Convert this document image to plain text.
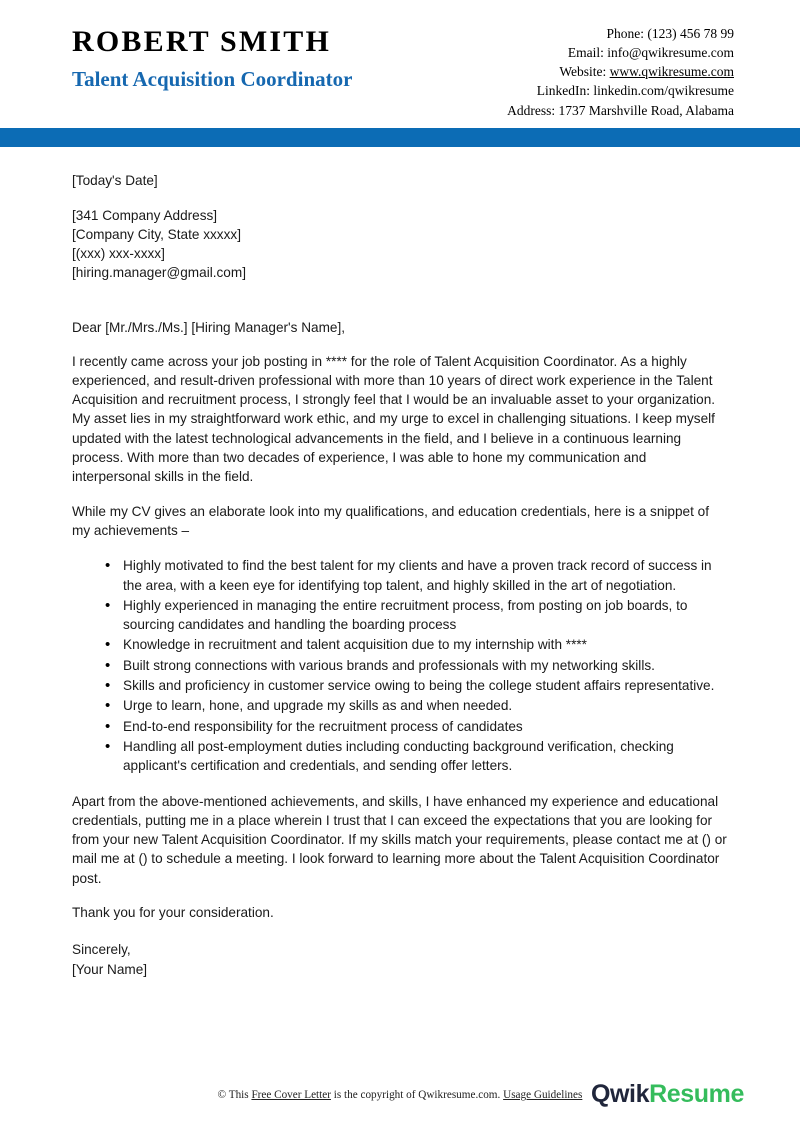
ROBERT SMITH
Talent Acquisition Coordinator
Phone: (123) 456 78 99
Email: info@qwikresume.com
Website: www.qwikresume.com
LinkedIn: linkedin.com/qwikresume
Address: 1737 Marshville Road, Alabama
[Today's Date]
[341 Company Address]
[Company City, State xxxxx]
[(xxx) xxx-xxxx]
[hiring.manager@gmail.com]
Dear [Mr./Mrs./Ms.] [Hiring Manager's Name],
I recently came across your job posting in **** for the role of Talent Acquisition Coordinator. As a highly experienced, and result-driven professional with more than 10 years of direct work experience in the Talent Acquisition and recruitment process, I strongly feel that I would be an invaluable asset to your organization. My asset lies in my straightforward work ethic, and my urge to excel in challenging situations. I keep myself updated with the latest technological advancements in the field, and I believe in a continuous learning process. With more than two decades of experience, I was able to hone my communication and interpersonal skills in the field.
While my CV gives an elaborate look into my qualifications, and education credentials, here is a snippet of my achievements –
• Highly motivated to find the best talent for my clients and have a proven track record of success in the area, with a keen eye for identifying top talent, and highly skilled in the art of negotiation.
• Highly experienced in managing the entire recruitment process, from posting on job boards, to sourcing candidates and handling the boarding process
• Knowledge in recruitment and talent acquisition due to my internship with ****
• Built strong connections with various brands and professionals with my networking skills.
• Skills and proficiency in customer service owing to being the college student affairs representative.
• Urge to learn, hone, and upgrade my skills as and when needed.
• End-to-end responsibility for the recruitment process of candidates
• Handling all post-employment duties including conducting background verification, checking applicant's certification and credentials, and sending offer letters.
Apart from the above-mentioned achievements, and skills, I have enhanced my experience and educational credentials, putting me in a place wherein I trust that I can exceed the expectations that you are looking for from your new Talent Acquisition Coordinator. If my skills match your requirements, please contact me at () or mail me at () to schedule a meeting. I look forward to learning more about the Talent Acquisition Coordinator post.
Thank you for your consideration.
Sincerely,
[Your Name]
© This Free Cover Letter is the copyright of Qwikresume.com. Usage Guidelines QwikResume
